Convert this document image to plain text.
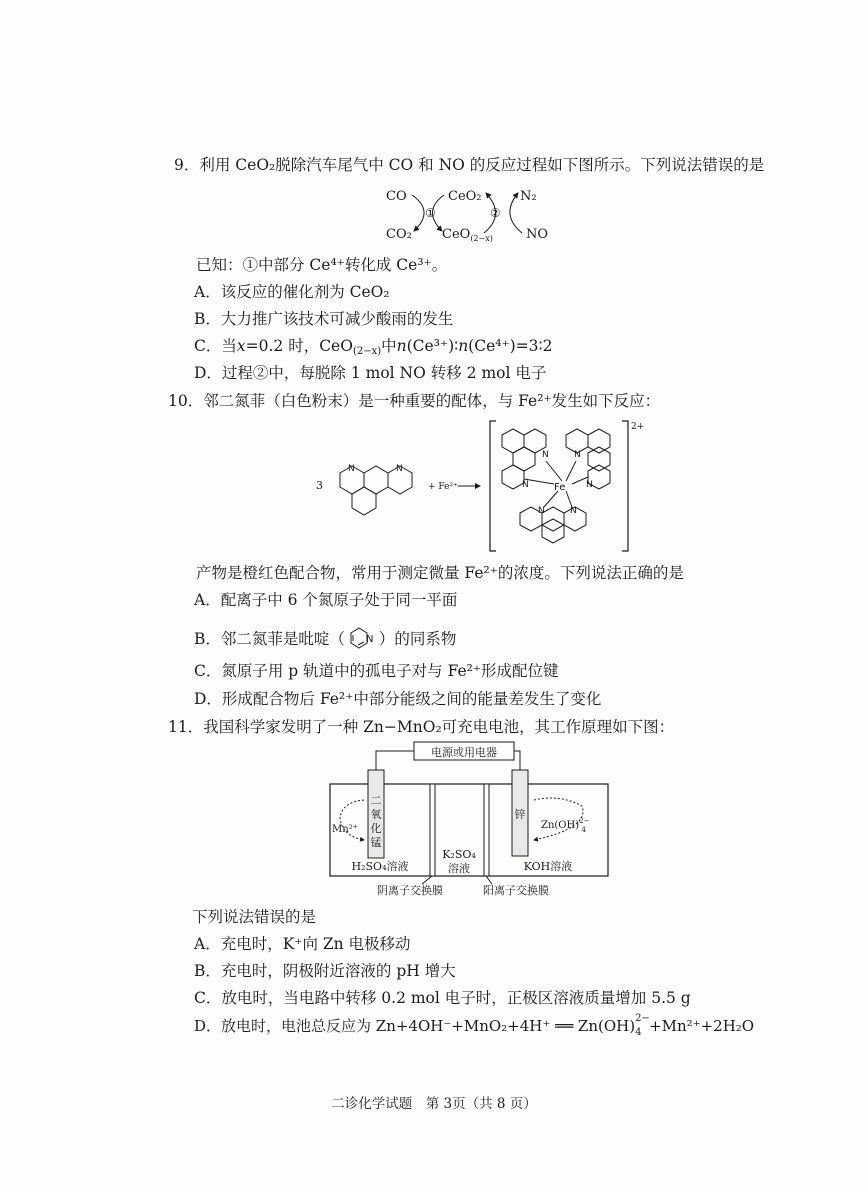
9．利用 CeO₂脱除汽车尾气中 CO 和 NO 的反应过程如下图所示。下列说法错误的是
CO
CO₂
CeO₂
CeO$_{(2-x)}$
①	②
N₂
NO
已知：①中部分 Ce⁴⁺转化成 Ce³⁺。
A．该反应的催化剂为 CeO₂
B．大力推广该技术可减少酸雨的发生
C．当x=0.2 时，CeO$_{(2-x)}$中n(Ce³⁺)∶n(Ce⁴⁺)=3∶2
D．过程②中，每脱除 1 mol NO 转移 2 mol 电子
10．邻二氮菲（白色粉末）是一种重要的配体，与 Fe²⁺发生如下反应：
3
N	N
+ Fe²⁺
2+
N	N
N	N
N	N
Fe
产物是橙红色配合物，常用于测定微量 Fe²⁺的浓度。下列说法正确的是
A．配离子中 6 个氮原子处于同一平面
B．邻二氮菲是吡啶（ N ）的同系物
C．氮原子用 p 轨道中的孤电子对与 Fe²⁺形成配位键
D．形成配合物后 Fe²⁺中部分能级之间的能量差发生了变化
11．我国科学家发明了一种 Zn−MnO₂可充电电池，其工作原理如下图：
电源或用电器
二
氧
化
锰
锌
Mn²⁺	Zn(OH)$^{2-}$ 4
H₂SO₄溶液
K₂SO₄
溶液	KOH溶液
阴离子交换膜	阳离子交换膜
下列说法错误的是
A．充电时，K⁺向 Zn 电极移动
B．充电时，阴极附近溶液的 pH 增大
C．放电时，当电路中转移 0.2 mol 电子时，正极区溶液质量增加 5.5 g
D．放电时，电池总反应为 Zn+4OH⁻+MnO₂+4H⁺ ══ Zn(OH) 2−
4 +Mn²⁺+2H₂O
二诊化学试题　第 3页（共 8 页）
